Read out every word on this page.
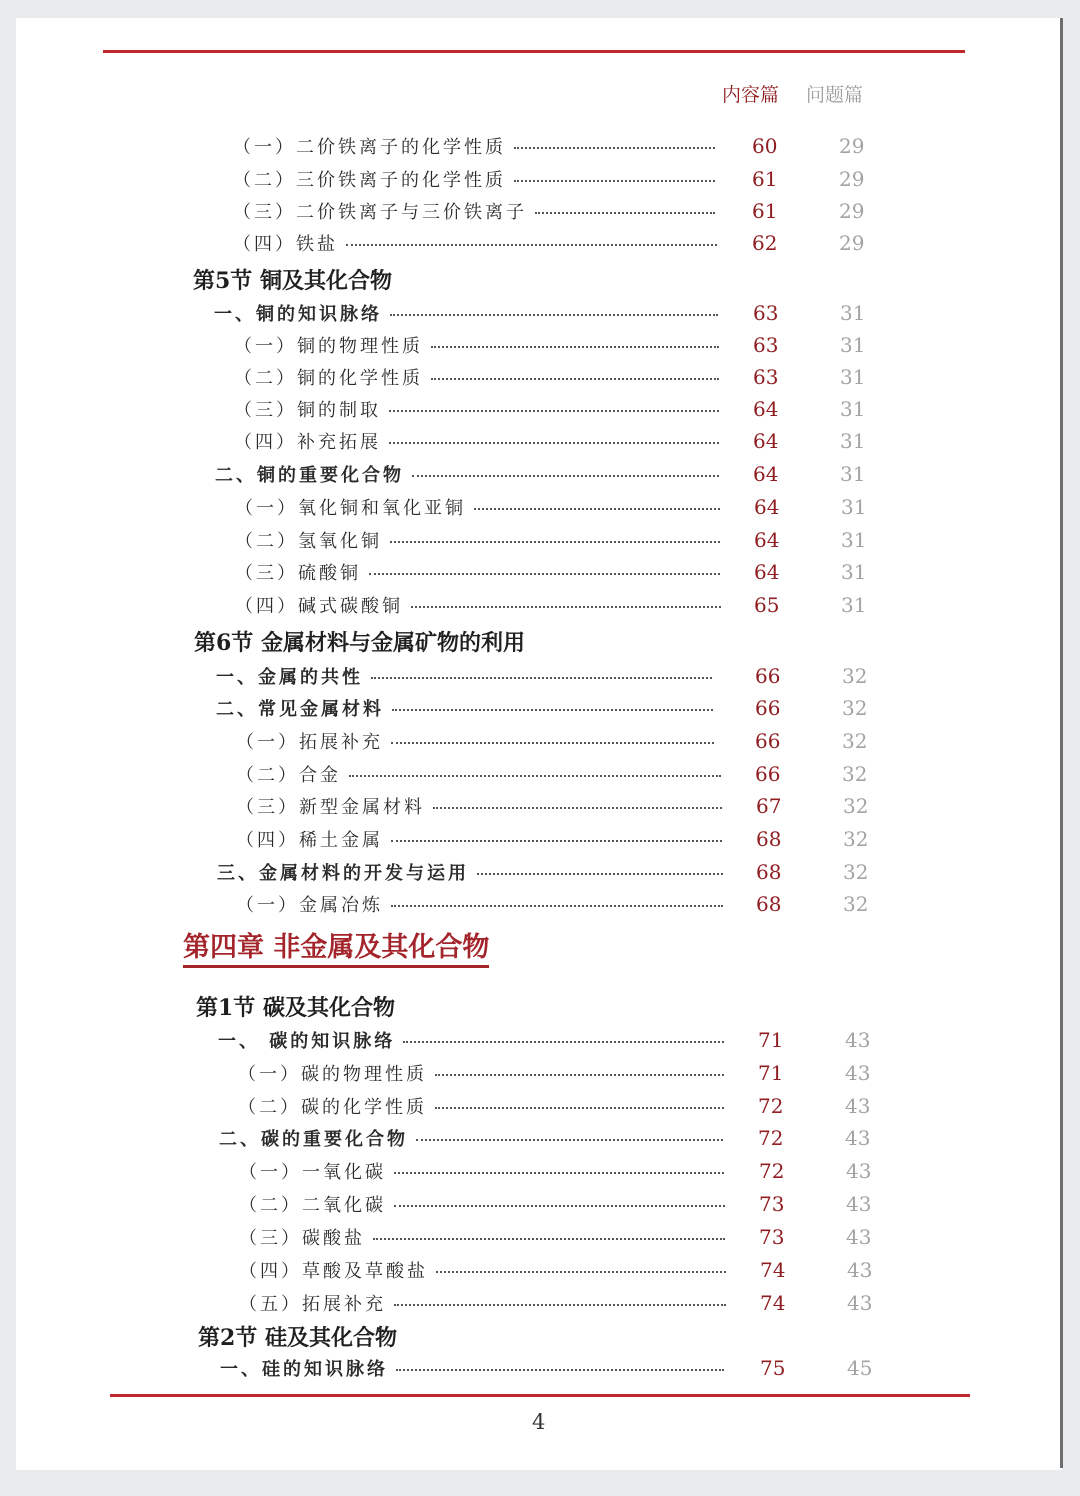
内容篇 问题篇
（一）二价铁离子的化学性质	60	29
（二）三价铁离子的化学性质	61	29
（三）二价铁离子与三价铁离子	61	29
（四）铁盐	62	29
第5节 铜及其化合物
一、铜的知识脉络	63	31
（一）铜的物理性质	63	31
（二）铜的化学性质	63	31
（三）铜的制取	64	31
（四）补充拓展	64	31
二、铜的重要化合物	64	31
（一）氧化铜和氧化亚铜	64	31
（二）氢氧化铜	64	31
（三）硫酸铜	64	31
（四）碱式碳酸铜	65	31
第6节 金属材料与金属矿物的利用
一、金属的共性	66	32
二、常见金属材料	66	32
（一）拓展补充	66	32
（二）合金	66	32
（三）新型金属材料	67	32
（四）稀土金属	68	32
三、金属材料的开发与运用	68	32
（一）金属冶炼	68	32
第四章 非金属及其化合物
第1节 碳及其化合物
一、 碳的知识脉络	71	43
（一）碳的物理性质	71	43
（二）碳的化学性质	72	43
二、碳的重要化合物	72	43
（一）一氧化碳	72	43
（二）二氧化碳	73	43
（三）碳酸盐	73	43
（四）草酸及草酸盐	74	43
（五）拓展补充	74	43
第2节 硅及其化合物
一、硅的知识脉络	75	45
4
